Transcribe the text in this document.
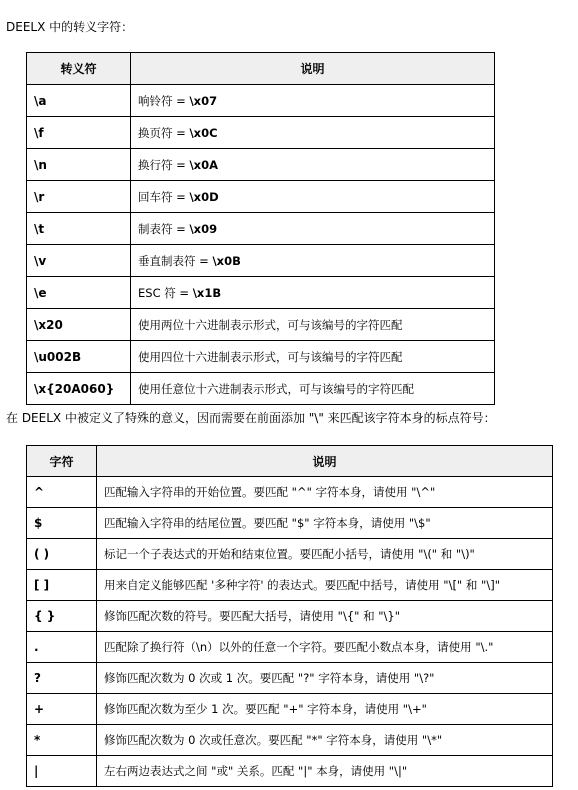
DEELX 中的转义字符：
转义符	说明
\a	响铃符 = \x07
\f	换页符 = \x0C
\n	换行符 = \x0A
\r	回车符 = \x0D
\t	制表符 = \x09
\v	垂直制表符 = \x0B
\e	ESC 符 = \x1B
\x20	使用两位十六进制表示形式，可与该编号的字符匹配
\u002B	使用四位十六进制表示形式，可与该编号的字符匹配
\x{20A060}	使用任意位十六进制表示形式，可与该编号的字符匹配
在 DEELX 中被定义了特殊的意义，因而需要在前面添加 "\" 来匹配该字符本身的标点符号：
字符	说明
^	匹配输入字符串的开始位置。要匹配 "^" 字符本身，请使用 "\^"
$	匹配输入字符串的结尾位置。要匹配 "$" 字符本身，请使用 "\$"
( )	标记一个子表达式的开始和结束位置。要匹配小括号，请使用 "\(" 和 "\)"
[ ]	用来自定义能够匹配 '多种字符' 的表达式。要匹配中括号，请使用 "\[" 和 "\]"
{ }	修饰匹配次数的符号。要匹配大括号，请使用 "\{" 和 "\}"
.	匹配除了换行符（\n）以外的任意一个字符。要匹配小数点本身，请使用 "\."
?	修饰匹配次数为 0 次或 1 次。要匹配 "?" 字符本身，请使用 "\?"
+	修饰匹配次数为至少 1 次。要匹配 "+" 字符本身，请使用 "\+"
*	修饰匹配次数为 0 次或任意次。要匹配 "*" 字符本身，请使用 "\*"
|	左右两边表达式之间 "或" 关系。匹配 "|" 本身，请使用 "\|"
